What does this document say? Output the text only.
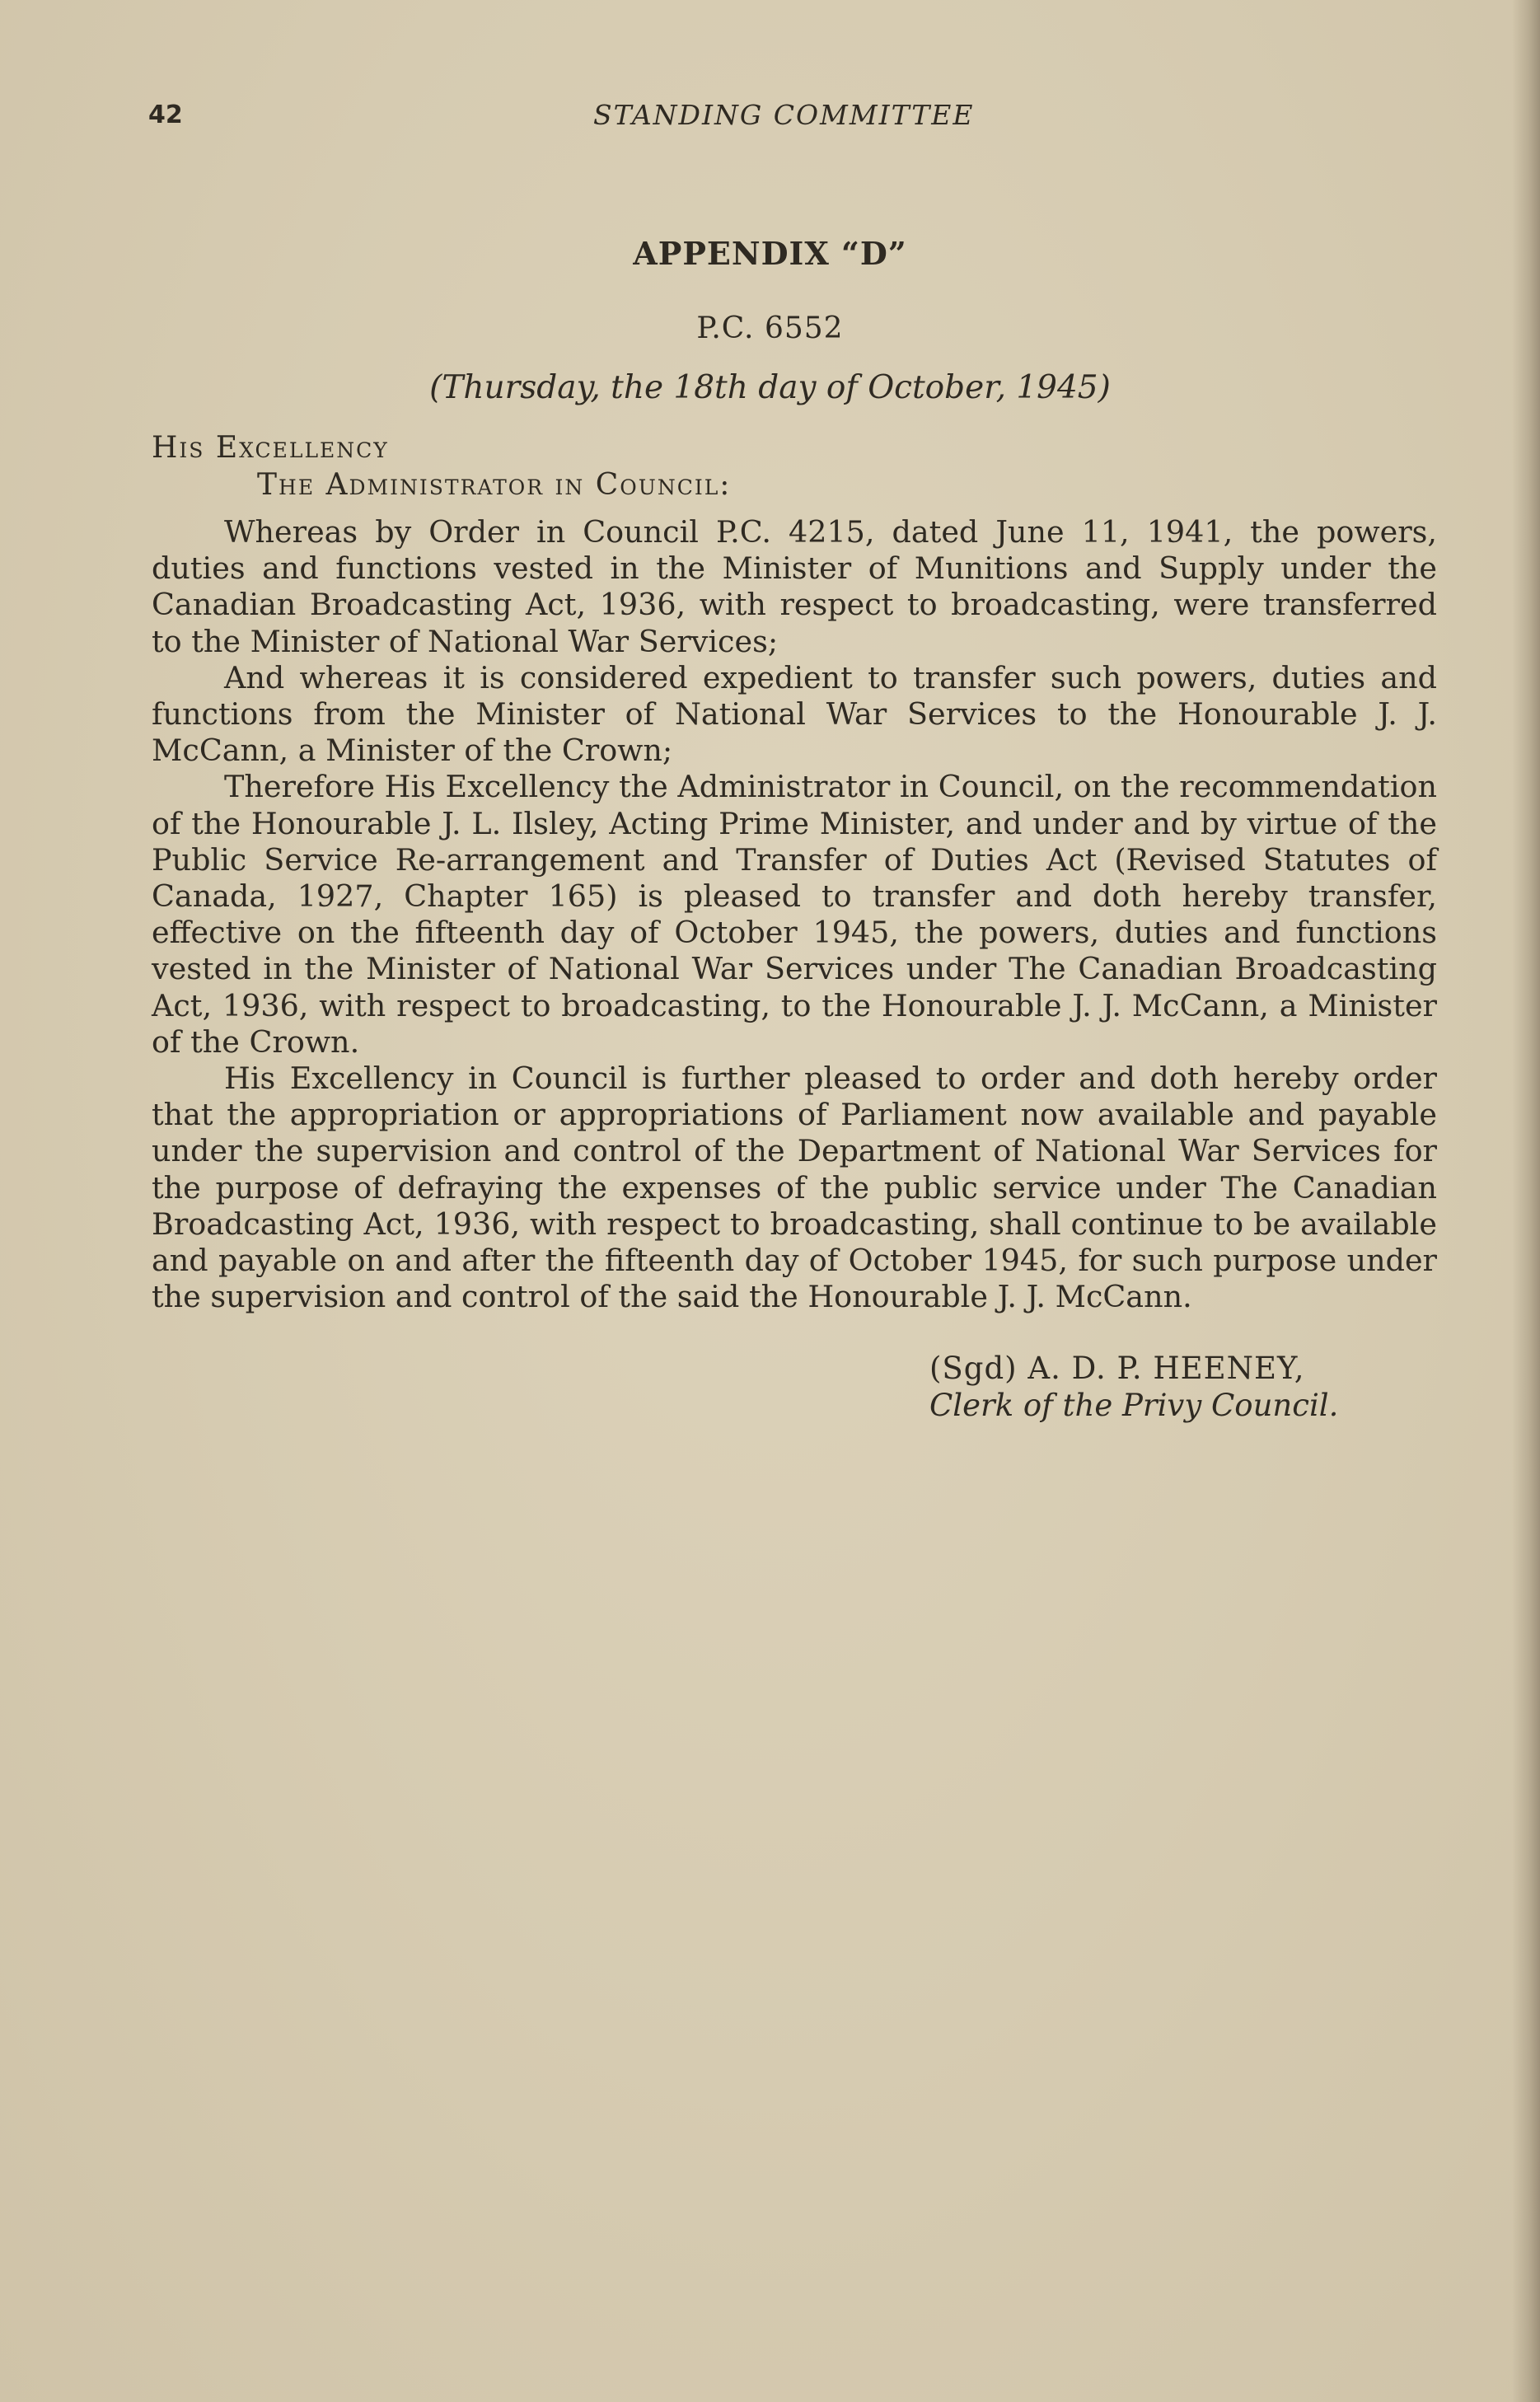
42	STANDING COMMITTEE
APPENDIX “D”
P.C. 6552
(Thursday, the 18th day of October, 1945)
His Excellency
The Administrator in Council:

Whereas by Order in Council P.C. 4215, dated June 11, 1941, the powers, duties and functions vested in the Minister of Munitions and Supply under the Canadian Broadcasting Act, 1936, with respect to broadcasting, were transferred to the Minister of National War Services;

And whereas it is considered expedient to transfer such powers, duties and functions from the Minister of National War Services to the Honourable J. J. McCann, a Minister of the Crown;

Therefore His Excellency the Administrator in Council, on the recommendation of the Honourable J. L. Ilsley, Acting Prime Minister, and under and by virtue of the Public Service Re-arrangement and Transfer of Duties Act (Revised Statutes of Canada, 1927, Chapter 165) is pleased to transfer and doth hereby transfer, effective on the fifteenth day of October 1945, the powers, duties and functions vested in the Minister of National War Services under The Canadian Broadcasting Act, 1936, with respect to broadcasting, to the Honourable J. J. McCann, a Minister of the Crown.

His Excellency in Council is further pleased to order and doth hereby order that the appropriation or appropriations of Parliament now available and payable under the supervision and control of the Department of National War Services for the purpose of defraying the expenses of the public service under The Canadian Broadcasting Act, 1936, with respect to broadcasting, shall continue to be available and payable on and after the fifteenth day of October 1945, for such purpose under the supervision and control of the said the Honourable J. J. McCann.

(Sgd) A. D. P. HEENEY,
Clerk of the Privy Council.
